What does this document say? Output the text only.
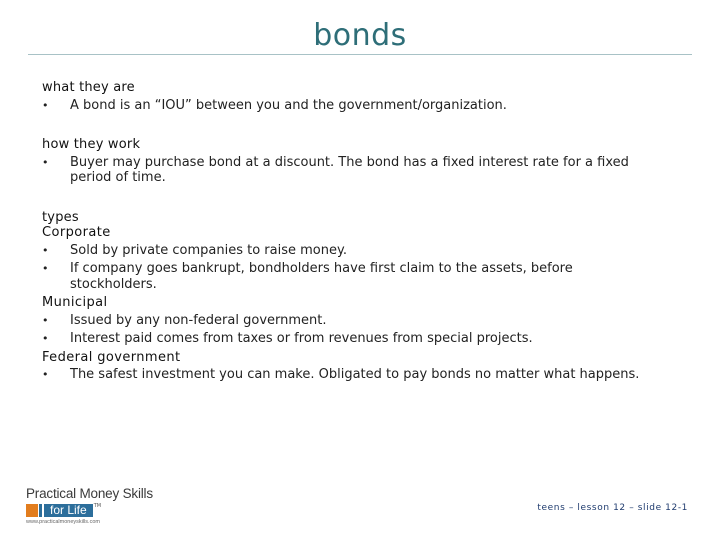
bonds
what they are
• A bond is an “IOU” between you and the government/organization.
how they work
• Buyer may purchase bond at a discount. The bond has a fixed interest rate for a fixed period of time.
types
Corporate
• Sold by private companies to raise money.
• If company goes bankrupt, bondholders have first claim to the assets, before stockholders.
Municipal
• Issued by any non-federal government.
• Interest paid comes from taxes or from revenues from special projects.
Federal government
• The safest investment you can make. Obligated to pay bonds no matter what happens.
Practical Money Skills
for Life	TM
www.practicalmoneyskills.com
teens – lesson 12 – slide 12-1
